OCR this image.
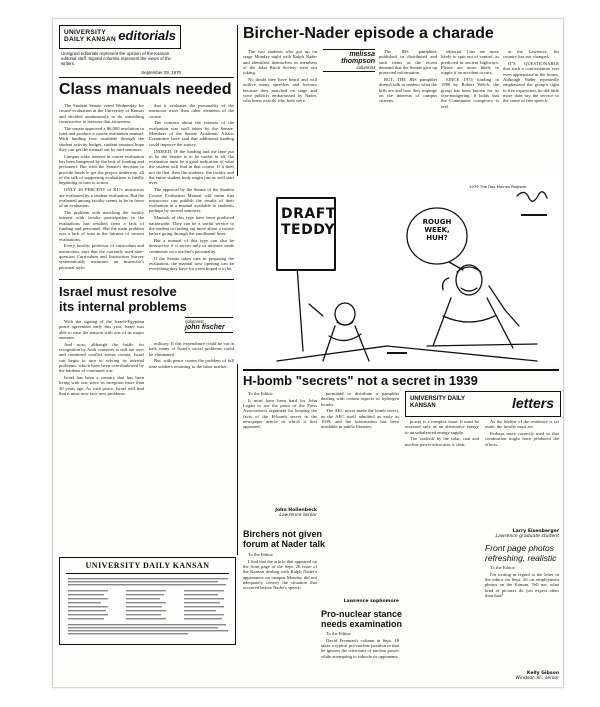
UNIVERSITY DAILY KANSAN editorials
Unsigned editorials represent the opinion of the Kansan editorial staff. Signed columns represent the views of the writers.
September 29, 1970
Class manuals needed

The Student Senate voted Wednesday for course evaluation at the University of Kansas and decided unanimously to do something constructive to increase that awareness.

The senate approved a $6,000 resolution to fund and produce a course evaluation manual. With funding now available through the student activity budget, student senators hope they can get the manual out by mid-semester.

Campus-wide, interest in course evaluation has been hampered by the lack of funding and personnel. But with the Senate's decision to provide funds to get the project underway, all of the talk of supporting evaluations is finally beginning to turn to action.

ONLY 40 PERCENT of KU's instructors are evaluated by a student evaluation. But the evaluated among faculty seems to be in favor of an evaluation.

The problem with matching the faculty interest with faculty participation in the evaluations has resulted from a lack of funding and personnel. But the main problem was a lack of trust in the fairness of current evaluations.

Every faculty, professor of curriculum and instruction, says that the currently used nine-question Curriculum and Instruction Survey systematically measures an instructor's personal style.

that it evaluates the personality of the instructor more than other elements of the course.

The concern about the fairness of the evaluation was well taken by the Senate. Members of the Senate Academic Affairs Committee have said that additional funding could improve the survey.

INDEED, IF the funding and the time put in by the Senate is to be useful to all, the evaluation must be a good indication of what the student will find in that course. If it does not do that, then the students, the faculty and the entire student body might just as well start over.

The approval by the Senate of the Student Course Evaluation Manual will mean that instructors can publish the results of their evaluation in a manual available to students, perhaps by second semester.

Manuals of this type have been produced nationwide. They can be a useful service to the student in finding out more about a course before going through the enrollment lines.

But a manual of this type can also be destructive if it serves only to reiterate snide comments on a teacher's personality.

If the Senate takes care in preparing the evaluation, the manual now opening can be everything they have for years hoped it to be.

Israel must resolve
its internal problems
columnist
john fischer

With the signing of the Israeli-Egyptian peace agreement early this year, Israel was able to ease the tension with one of its major enemies.

And now, although the battle for recognition by Arab countries is still not over and continued conflict seems certain, Israel can begin to turn to solving its internal problems, which have been overshadowed by the burdens of continued war.

Israel has been a country that has been living with war since its inception more than 30 years ago. As with peace, Israel will find that it must now face new problems.

military. If this expenditure could be cut in half, many of Israel's social problems could be eliminated.

But, with peace comes the problem of full time soldiers returning to the labor market.

UNIVERSITY DAILY KANSAN
Bircher-Nader episode a charade

The two students who got up on stage Monday night with Ralph Nader and identified themselves as members of the John Birch Society were not joking.

No doubt they have heard and will outlive many speeches and lectures because they marched on stage and were publicly embarrassed by Nader, who knew exactly who both were.

melissa thompson
columnist

The JBS pamphlet, published in distributed and such items as the recent demand that the Senate give up protected information.

BUT, THE JBS pamphlet doesn't talk to readers what the bills are and how they impinge on the interests of campus citizens.

editorial. Cars are more likely to spin out of control, as predicted in ancient highways. Please are more likely to topple if an accident occurs.

SINCE 1974 funding in 1980 by Robert Welch, the group has been known for its fear-mongering. It holds that the Communist conspiracy is real.

at the Lawrence, his country has not changed.

IT'S QUESTIONABLE that such a confrontation was even appropriate at the forum. Although Nader repeatedly emphasized the group's right to free expression, he did little more than say the service to the cause of free speech.

DRAFT
TEDDY	ROUGH
WEEK,
HUH?
1979 The Des Moines Register
H-bomb "secrets" not a secret in 1939

To the Editor:

It must have been hard for John Logan to see the point of the Press Association's argument for keeping the facts of the H-bomb secret in the newspaper article in which it first appeared.

permitted to distribute a pamphlet dealing with certain aspects of hydrogen bombs.

The AEC never made the bomb secret, as the AEC itself admitted as early as 1939, and the information has been available in public libraries.

John Hollenbeck
Lawrence senior
UNIVERSITY DAILY KANSAN	letters

power is a complex issue. It must be assessed only as an alternative energy to an unbalanced energy supply.

The 'outlook' by the solar, coal and nuclear power advocates is clear.

As the lifeline of the residence is set aside, the faculty must act.

Perhaps more correctly used so that combustion might have produced the effects.

Larry Eisenberger
Lawrence graduate student
Birchers not given
forum at Nader talk

To the Editor:

I find that the article that appeared on the front page of the Sept. 26 issue of the Kansan dealing with Ralph Nader's appearance on campus Monday did not adequately convey the situation that occurred before Nader's speech.

Pro-nuclear stance
needs examination

To the Editor:

David Freeman's column in Sept. 18 takes a typical pro-nuclear position in that he ignores the criticisms of nuclear power while attempting to ridicule its opponents.

Lawrence sophomore
Front page photos
refreshing, realistic

To the Editor:

I'm writing in regard to the letter in the editor on Sept. 26 on employment photos on the Kansan. Tell me, what kind of pictures do you expect other than that?

Kelly Gibson
Windsor, Ill., senior
